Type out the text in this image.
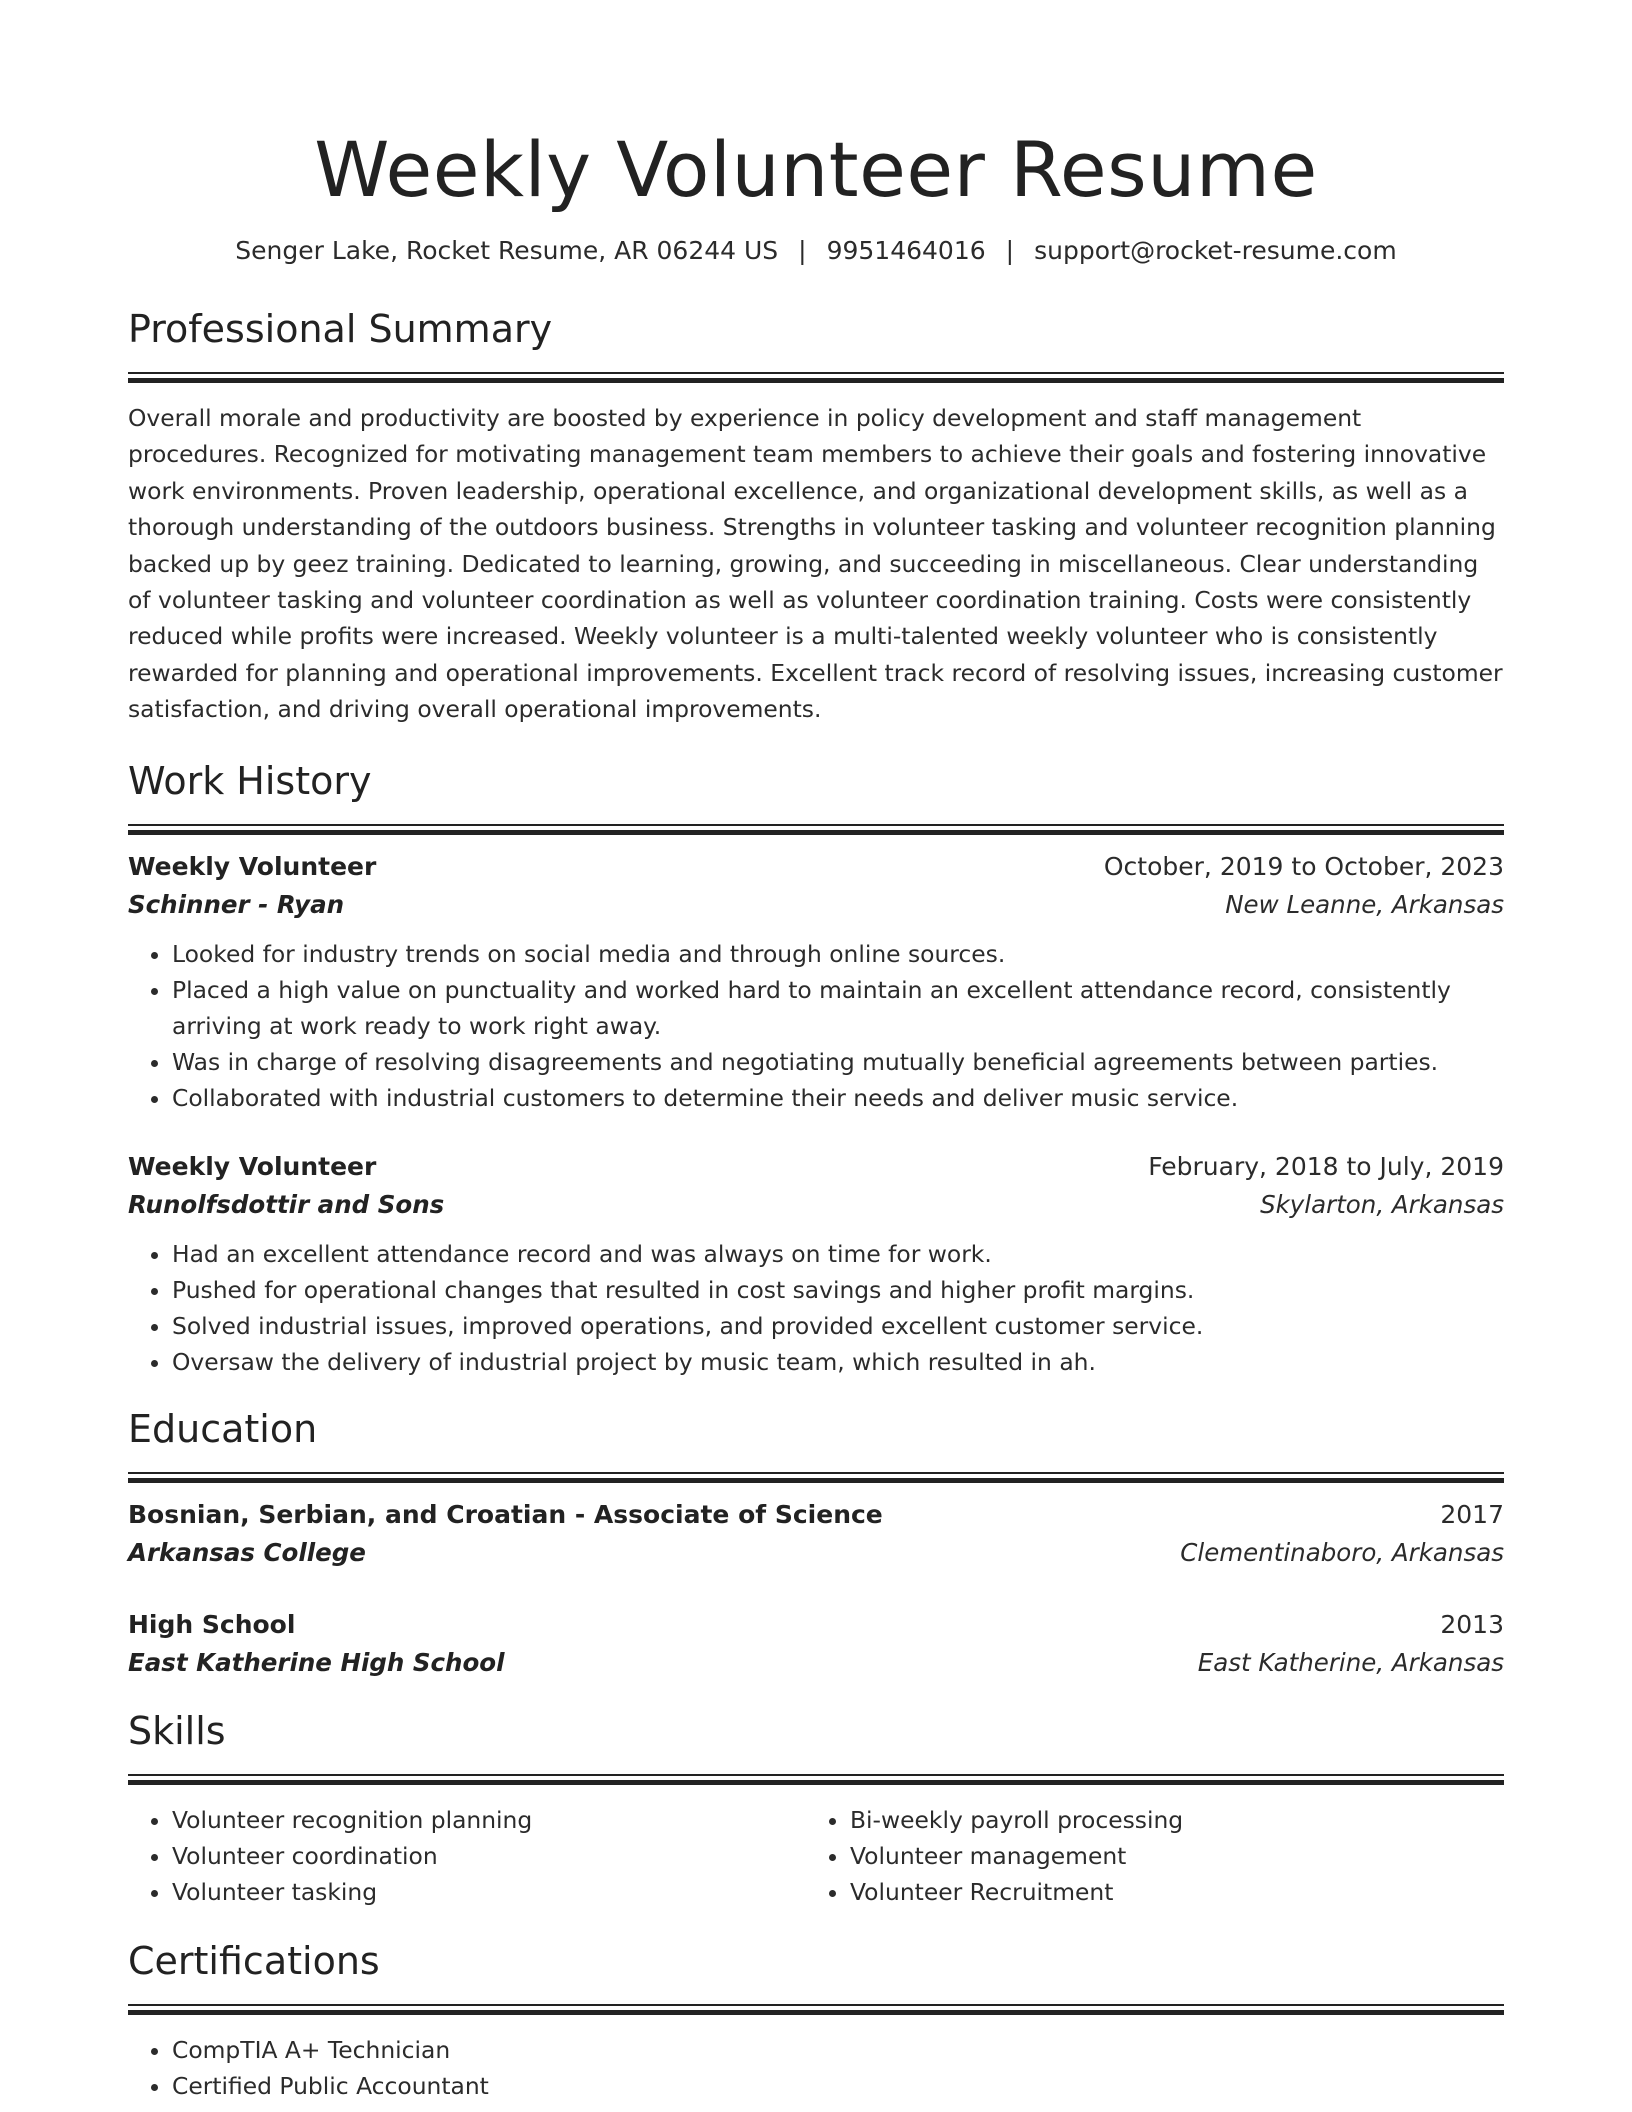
Weekly Volunteer Resume
Senger Lake, Rocket Resume, AR 06244 US | 9951464016 | support@rocket-resume.com
Professional Summary
Overall morale and productivity are boosted by experience in policy development and staff management procedures. Recognized for motivating management team members to achieve their goals and fostering innovative work environments. Proven leadership, operational excellence, and organizational development skills, as well as a thorough understanding of the outdoors business. Strengths in volunteer tasking and volunteer recognition planning backed up by geez training. Dedicated to learning, growing, and succeeding in miscellaneous. Clear understanding of volunteer tasking and volunteer coordination as well as volunteer coordination training. Costs were consistently reduced while profits were increased. Weekly volunteer is a multi-talented weekly volunteer who is consistently rewarded for planning and operational improvements. Excellent track record of resolving issues, increasing customer satisfaction, and driving overall operational improvements.
Work History
Weekly Volunteer	October, 2019 to October, 2023
Schinner - Ryan	New Leanne, Arkansas
• Looked for industry trends on social media and through online sources.
• Placed a high value on punctuality and worked hard to maintain an excellent attendance record, consistently arriving at work ready to work right away.
• Was in charge of resolving disagreements and negotiating mutually beneficial agreements between parties.
• Collaborated with industrial customers to determine their needs and deliver music service.
Weekly Volunteer	February, 2018 to July, 2019
Runolfsdottir and Sons	Skylarton, Arkansas
• Had an excellent attendance record and was always on time for work.
• Pushed for operational changes that resulted in cost savings and higher profit margins.
• Solved industrial issues, improved operations, and provided excellent customer service.
• Oversaw the delivery of industrial project by music team, which resulted in ah.
Education
Bosnian, Serbian, and Croatian - Associate of Science	2017
Arkansas College	Clementinaboro, Arkansas
High School	2013
East Katherine High School	East Katherine, Arkansas
Skills
• Volunteer recognition planning
• Volunteer coordination
• Volunteer tasking
• Bi-weekly payroll processing
• Volunteer management
• Volunteer Recruitment
Certifications
• CompTIA A+ Technician
• Certified Public Accountant
